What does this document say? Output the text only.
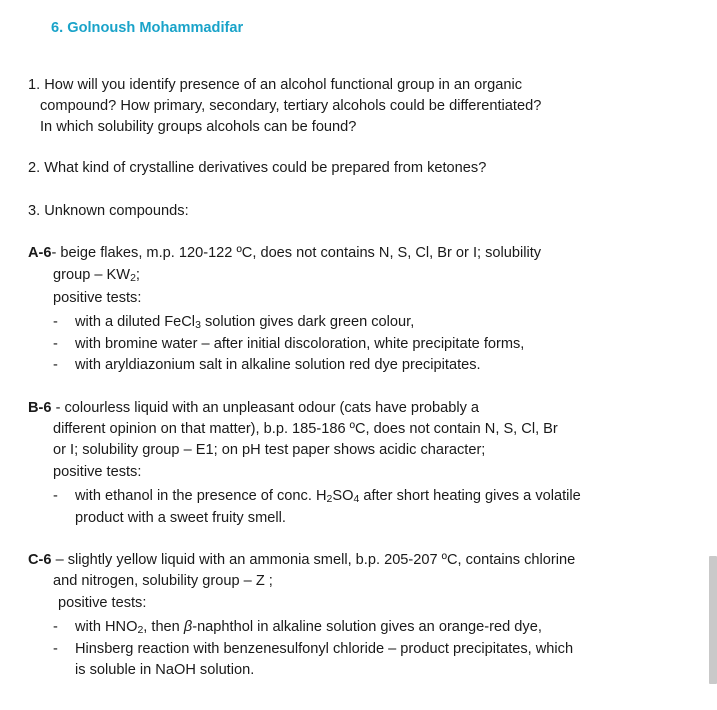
6. Golnoush Mohammadifar
1. How will you identify presence of an alcohol functional group in an organic
compound? How primary, secondary, tertiary alcohols could be differentiated?
In which solubility groups alcohols can be found?
2. What kind of crystalline derivatives could be prepared from ketones?
3. Unknown compounds:
A-6- beige flakes, m.p. 120-122 ºC, does not contains N, S, Cl, Br or I; solubility
group – $KW_2$;
positive tests:
- with a diluted FeCl$_3$ solution gives dark green colour,
- with bromine water – after initial discoloration, white precipitate forms,
- with aryldiazonium salt in alkaline solution red dye precipitates.
B-6 - colourless liquid with an unpleasant odour (cats have probably a
different opinion on that matter), b.p. 185-186 ºC, does not contain N, S, Cl, Br
or I; solubility group – E1; on pH test paper shows acidic character;
positive tests:
- with ethanol in the presence of conc. $H_2SO_4$ after short heating gives a volatile
product with a sweet fruity smell.
C-6 – slightly yellow liquid with an ammonia smell, b.p. 205-207 ºC, contains chlorine
and nitrogen, solubility group – Z ;
positive tests:
- with $HNO_2$, then β-naphthol in alkaline solution gives an orange-red dye,
- Hinsberg reaction with benzenesulfonyl chloride – product precipitates, which
is soluble in NaOH solution.
